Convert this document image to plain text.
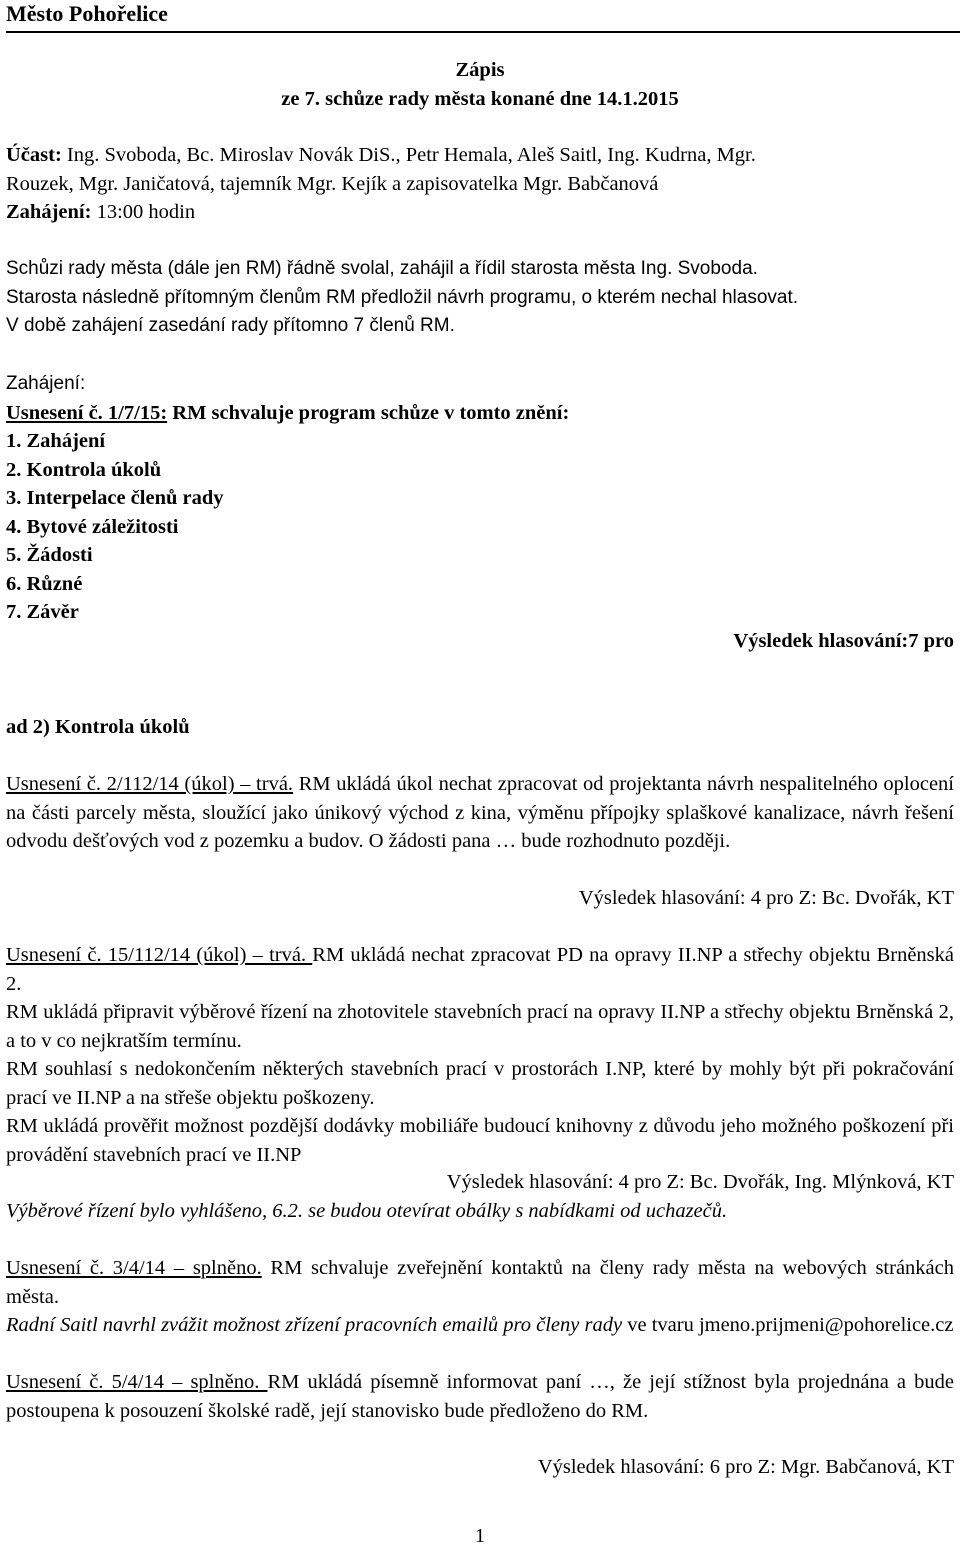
Město Pohořelice
Zápis
ze 7. schůze rady města konané dne 14.1.2015
Účast: Ing. Svoboda, Bc. Miroslav Novák DiS., Petr Hemala, Aleš Saitl, Ing. Kudrna, Mgr.
Rouzek, Mgr. Janičatová, tajemník Mgr. Kejík a zapisovatelka Mgr. Babčanová
Zahájení: 13:00 hodin
Schůzi rady města (dále jen RM) řádně svolal, zahájil a řídil starosta města Ing. Svoboda.
Starosta následně přítomným členům RM předložil návrh programu, o kterém nechal hlasovat.
V době zahájení zasedání rady přítomno 7 členů RM.
Zahájení:
Usnesení č. 1/7/15: RM schvaluje program schůze v tomto znění:
1. Zahájení
2. Kontrola úkolů
3. Interpelace členů rady
4. Bytové záležitosti
5. Žádosti
6. Různé
7. Závěr
Výsledek hlasování:7 pro
ad 2) Kontrola úkolů
Usnesení č. 2/112/14 (úkol) – trvá. RM ukládá úkol nechat zpracovat od projektanta návrh nespalitelného oplocení na části parcely města, sloužící jako únikový východ z kina, výměnu přípojky splaškové kanalizace, návrh řešení odvodu dešťových vod z pozemku a budov. O žádosti pana … bude rozhodnuto později.
Výsledek hlasování: 4 pro Z: Bc. Dvořák, KT
Usnesení č. 15/112/14 (úkol) – trvá. RM ukládá nechat zpracovat PD na opravy II.NP a střechy objektu Brněnská 2.
RM ukládá připravit výběrové řízení na zhotovitele stavebních prací na opravy II.NP a střechy objektu Brněnská 2, a to v co nejkratším termínu.
RM souhlasí s nedokončením některých stavebních prací v prostorách I.NP, které by mohly být při pokračování prací ve II.NP a na střeše objektu poškozeny.
RM ukládá prověřit možnost pozdější dodávky mobiliáře budoucí knihovny z důvodu jeho možného poškození při provádění stavebních prací ve II.NP
Výsledek hlasování: 4 pro Z: Bc. Dvořák, Ing. Mlýnková, KT
Výběrové řízení bylo vyhlášeno, 6.2. se budou otevírat obálky s nabídkami od uchazečů.
Usnesení č. 3/4/14 – splněno. RM schvaluje zveřejnění kontaktů na členy rady města na webových stránkách města.
Radní Saitl navrhl zvážit možnost zřízení pracovních emailů pro členy rady ve tvaru jmeno.prijmeni@pohorelice.cz
Usnesení č. 5/4/14 – splněno. RM ukládá písemně informovat paní …, že její stížnost byla projednána a bude postoupena k posouzení školské radě, její stanovisko bude předloženo do RM.
Výsledek hlasování: 6 pro Z: Mgr. Babčanová, KT
1
